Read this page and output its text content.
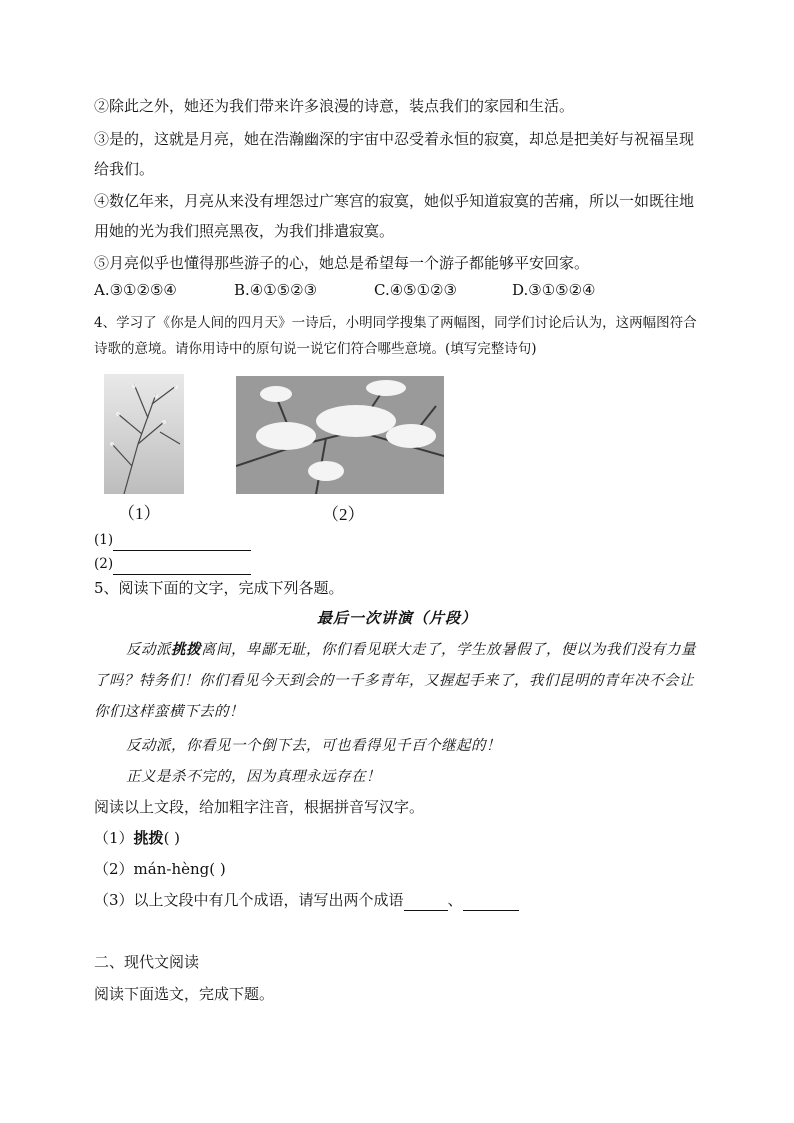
②除此之外，她还为我们带来许多浪漫的诗意，装点我们的家园和生活。
③是的，这就是月亮，她在浩瀚幽深的宇宙中忍受着永恒的寂寞，却总是把美好与祝福呈现给我们。
④数亿年来，月亮从来没有埋怨过广寒宫的寂寞，她似乎知道寂寞的苦痛，所以一如既往地用她的光为我们照亮黑夜，为我们排遣寂寞。
⑤月亮似乎也懂得那些游子的心，她总是希望每一个游子都能够平安回家。
A.③①②⑤④	B.④①⑤②③	C.④⑤①②③	D.③①⑤②④
4、学习了《你是人间的四月天》一诗后，小明同学搜集了两幅图，同学们讨论后认为，这两幅图符合诗歌的意境。请你用诗中的原句说一说它们符合哪些意境。(填写完整诗句)
（1）	（2）
(1)
(2)
5、阅读下面的文字，完成下列各题。
最后一次讲演（片段）
反动派挑拨离间，卑鄙无耻，你们看见联大走了，学生放暑假了，便以为我们没有力量了吗？特务们！你们看见今天到会的一千多青年，又握起手来了，我们昆明的青年决不会让你们这样蛮横下去的！
反动派，你看见一个倒下去，可也看得见千百个继起的！
正义是杀不完的，因为真理永远存在！
阅读以上文段，给加粗字注音，根据拼音写汉字。
（1）挑拨( )
（2）mán-hèng( )
（3）以上文段中有几个成语，请写出两个成语	、
二、现代文阅读
阅读下面选文，完成下题。
